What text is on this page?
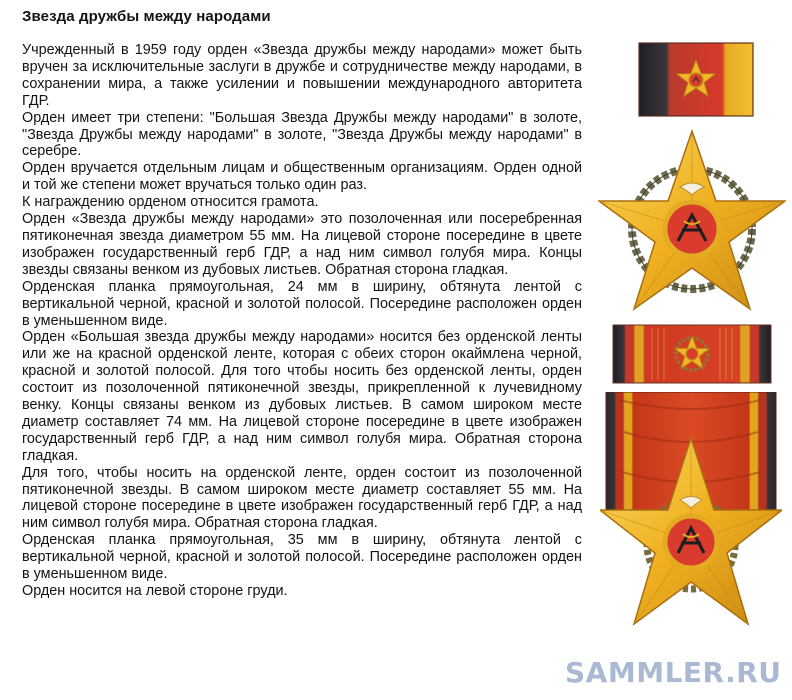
Звезда дружбы между народами

Учрежденный в 1959 году орден «Звезда дружбы между народами» может быть вручен за исключительные заслуги в дружбе и сотрудничестве между народами, в сохранении мира, а также усилении и повышении международного авторитета ГДР.

Орден имеет три степени: "Большая Звезда Дружбы между народами" в золоте, "Звезда Дружбы между народами" в золоте, "Звезда Дружбы между народами" в серебре.

Орден вручается отдельным лицам и общественным организациям. Орден одной и той же степени может вручаться только один раз.

К награждению орденом относится грамота.

Орден «Звезда дружбы между народами» это позолоченная или посеребренная пятиконечная звезда диаметром 55 мм. На лицевой стороне посередине в цвете изображен государственный герб ГДР, а над ним символ голубя мира. Концы звезды связаны венком из дубовых листьев. Обратная сторона гладкая.

Орденская планка прямоугольная, 24 мм в ширину, обтянута лентой с вертикальной черной, красной и золотой полосой. Посередине расположен орден в уменьшенном виде.

Орден «Большая звезда дружбы между народами» носится без орденской ленты или же на красной орденской ленте, которая с обеих сторон окаймлена черной, красной и золотой полосой. Для того чтобы носить без орденской ленты, орден состоит из позолоченной пятиконечной звезды, прикрепленной к лучевидному венку. Концы связаны венком из дубовых листьев. В самом широком месте диаметр составляет 74 мм. На лицевой стороне посередине в цвете изображен государственный герб ГДР, а над ним символ голубя мира. Обратная сторона гладкая.

Для того, чтобы носить на орденской ленте, орден состоит из позолоченной пятиконечной звезды. В самом широком месте диаметр составляет 55 мм. На лицевой стороне посередине в цвете изображен государственный герб ГДР, а над ним символ голубя мира. Обратная сторона гладкая.

Орденская планка прямоугольная, 35 мм в ширину, обтянута лентой с вертикальной черной, красной и золотой полосой. Посередине расположен орден в уменьшенном виде.

Орден носится на левой стороне груди.

SAMMLER.RU
